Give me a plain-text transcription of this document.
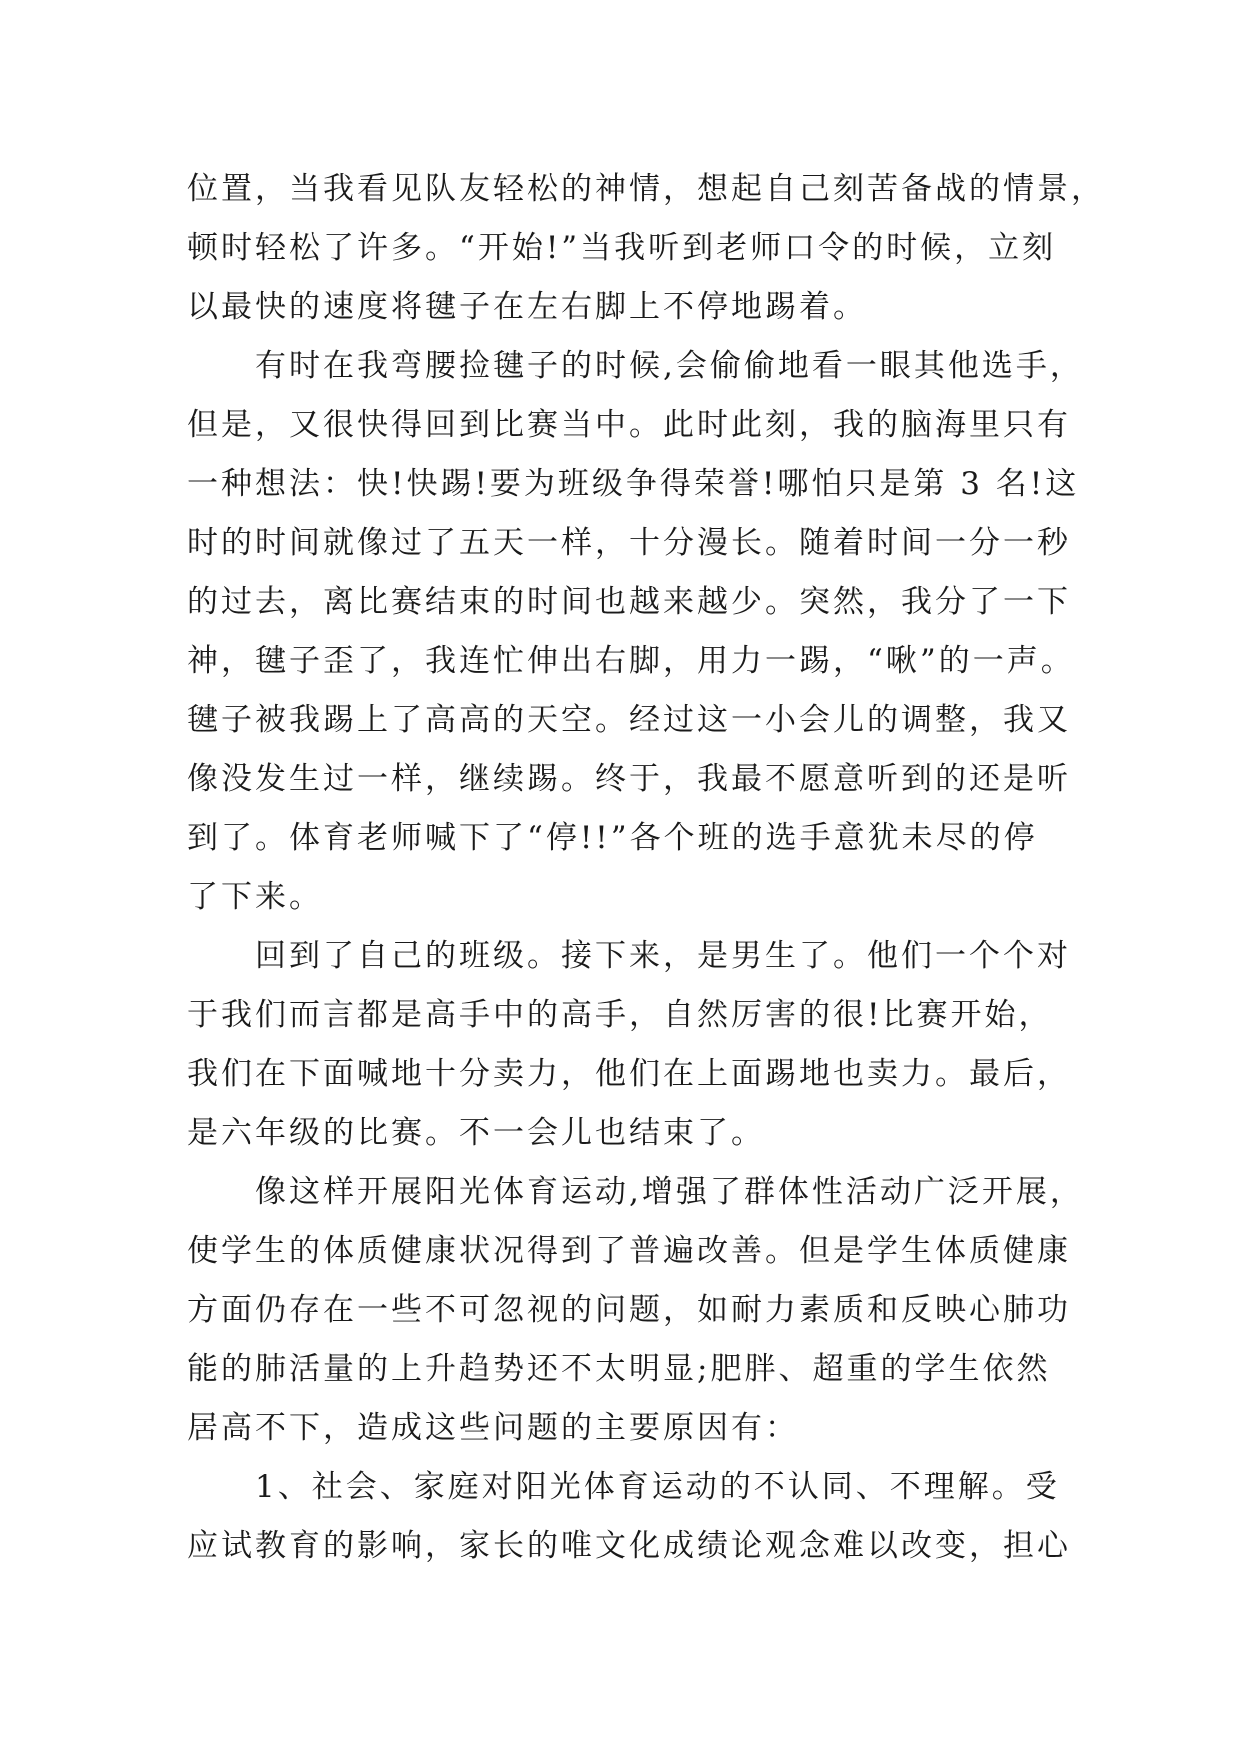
位置，当我看见队友轻松的神情，想起自己刻苦备战的情景，
顿时轻松了许多。“开始!”当我听到老师口令的时候，立刻
以最快的速度将毽子在左右脚上不停地踢着。
　　有时在我弯腰捡毽子的时候,会偷偷地看一眼其他选手，
但是，又很快得回到比赛当中。此时此刻，我的脑海里只有
一种想法：快!快踢!要为班级争得荣誉!哪怕只是第 3 名!这
时的时间就像过了五天一样，十分漫长。随着时间一分一秒
的过去，离比赛结束的时间也越来越少。突然，我分了一下
神，毽子歪了，我连忙伸出右脚，用力一踢，“啾”的一声。
毽子被我踢上了高高的天空。经过这一小会儿的调整，我又
像没发生过一样，继续踢。终于，我最不愿意听到的还是听
到了。体育老师喊下了“停!!”各个班的选手意犹未尽的停
了下来。
　　回到了自己的班级。接下来，是男生了。他们一个个对
于我们而言都是高手中的高手，自然厉害的很!比赛开始，
我们在下面喊地十分卖力，他们在上面踢地也卖力。最后，
是六年级的比赛。不一会儿也结束了。
　　像这样开展阳光体育运动,增强了群体性活动广泛开展，
使学生的体质健康状况得到了普遍改善。但是学生体质健康
方面仍存在一些不可忽视的问题，如耐力素质和反映心肺功
能的肺活量的上升趋势还不太明显;肥胖、超重的学生依然
居高不下，造成这些问题的主要原因有：
　　1、社会、家庭对阳光体育运动的不认同、不理解。受
应试教育的影响，家长的唯文化成绩论观念难以改变，担心
